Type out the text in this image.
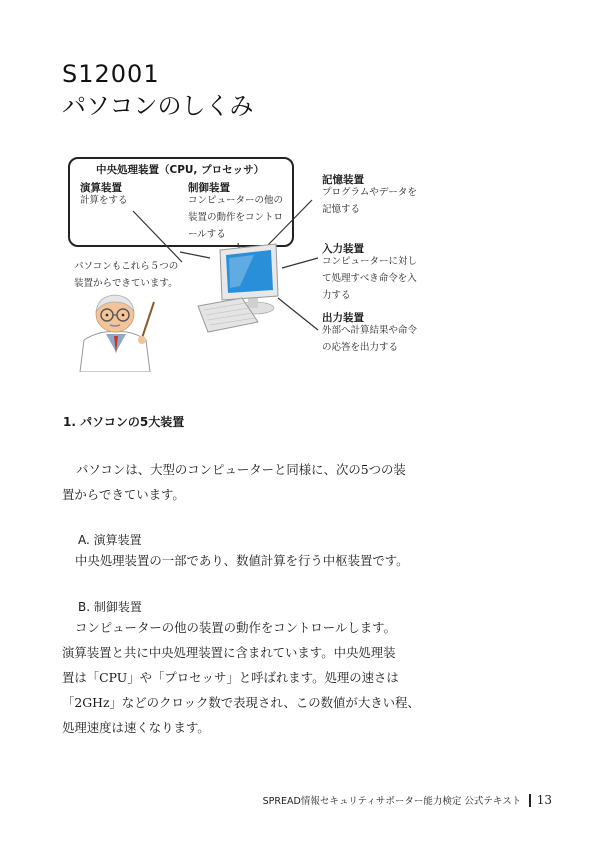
S12001
パソコンのしくみ
中央処理装置（CPU, プロセッサ）
演算装置
計算をする
制御装置
コンピューターの他の
装置の動作をコントロ
ールする
記憶装置
プログラムやデータを
記憶する
入力装置
コンピューターに対し
て処理すべき命令を入
力する
出力装置
外部へ計算結果や命令
の応答を出力する
パソコンもこれら５つの
装置からできています。
1. パソコンの5大装置
パソコンは、大型のコンピューターと同様に、次の5つの装
置からできています。
A. 演算装置
中央処理装置の一部であり、数値計算を行う中枢装置です。
B. 制御装置
コンピューターの他の装置の動作をコントロールします。
演算装置と共に中央処理装置に含まれています。中央処理装
置は「CPU」や「プロセッサ」と呼ばれます。処理の速さは
「2GHz」などのクロック数で表現され、この数値が大きい程、
処理速度は速くなります。
SPREAD情報セキュリティサポーター能力検定 公式テキスト 13
